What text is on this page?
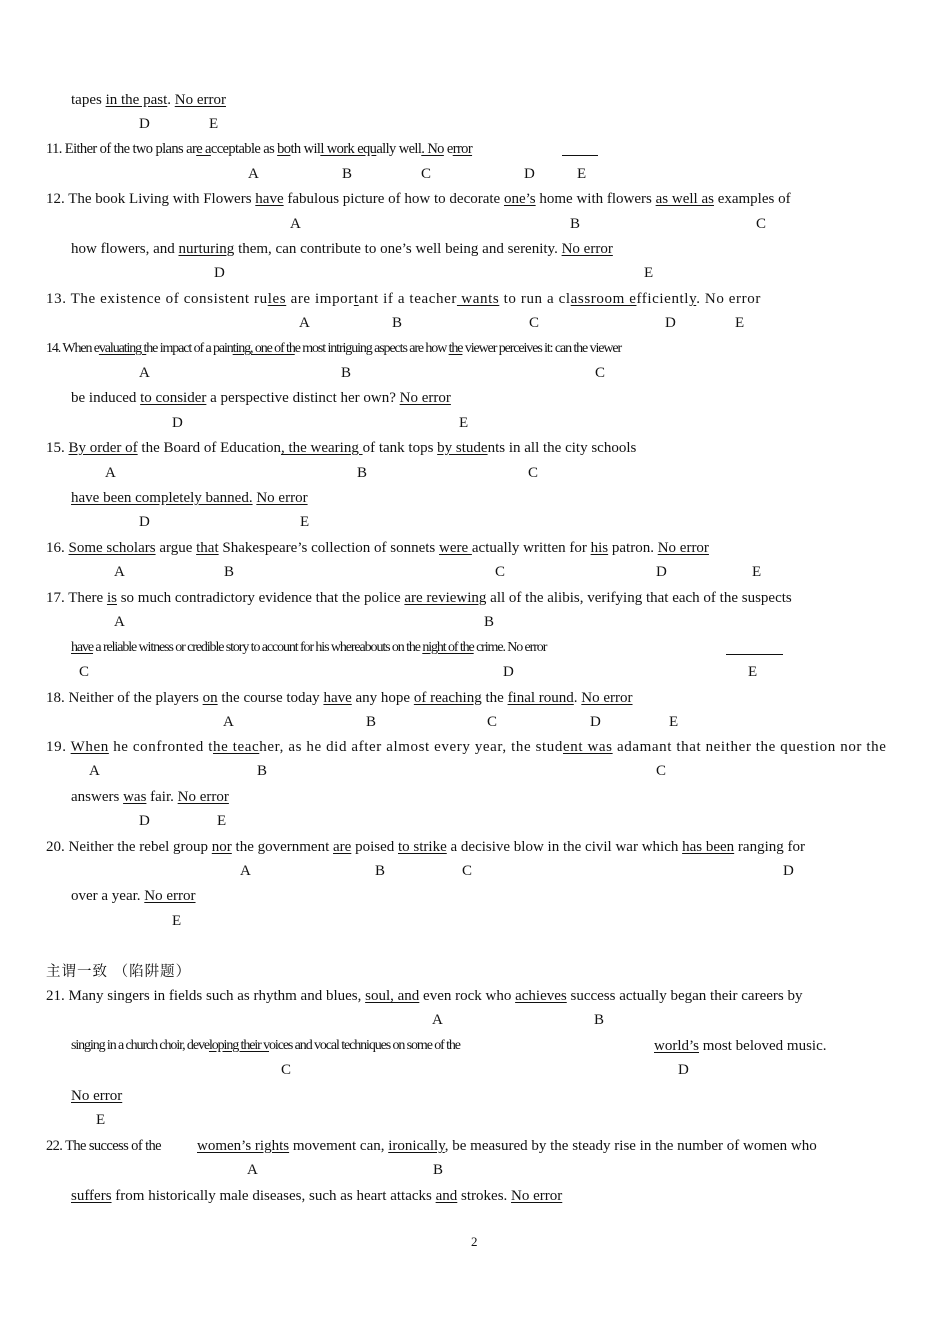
tapes in the past. No error
11. Either of the two plans are acceptable as both will work equally well. No error
12. The book Living with Flowers have fabulous picture of how to decorate one’s home with flowers as well as examples of
how flowers, and nurturing them, can contribute to one’s well being and serenity. No error
13. The existence of consistent rules are important if a teacher wants to run a classroom efficiently. No error
14. When evaluating the impact of a painting, one of the most intriguing aspects are how the viewer perceives it: can the viewer
be induced to consider a perspective distinct her own? No error
15. By order of the Board of Education, the wearing of tank tops by students in all the city schools
have been completely banned. No error
16. Some scholars argue that Shakespeare’s collection of sonnets were actually written for his patron. No error
17. There is so much contradictory evidence that the police are reviewing all of the alibis, verifying that each of the suspects
have a reliable witness or credible story to account for his whereabouts on the night of the crime. No error
18. Neither of the players on the course today have any hope of reaching the final round. No error
19. When he confronted the teacher, as he did after almost every year, the student was adamant that neither the question nor the
answers was fair. No error
20. Neither the rebel group nor the government are poised to strike a decisive blow in the civil war which has been ranging for
over a year. No error
21. Many singers in fields such as rhythm and blues, soul, and even rock who achieves success actually began their careers by
singing in a church choir, developing their voices and vocal techniques on some of the	world’s most beloved music.
No error
22. The success of the women’s rights movement can, ironically, be measured by the steady rise in the number of women who
suffers from historically male diseases, such as heart attacks and strokes. No error
D	E
A	B	C	D	E
A	B	C
D	E
A	B	C	D	E
A	B	C
D	E
A	B	C
D	E
A	B	C	D	E
A	B
C	D	E
A	B	C	D	E
A	B	C
D	E
A	B	C	D
E
A	B
C	D
E
A	B
主谓一致 （陷阱题）
2
